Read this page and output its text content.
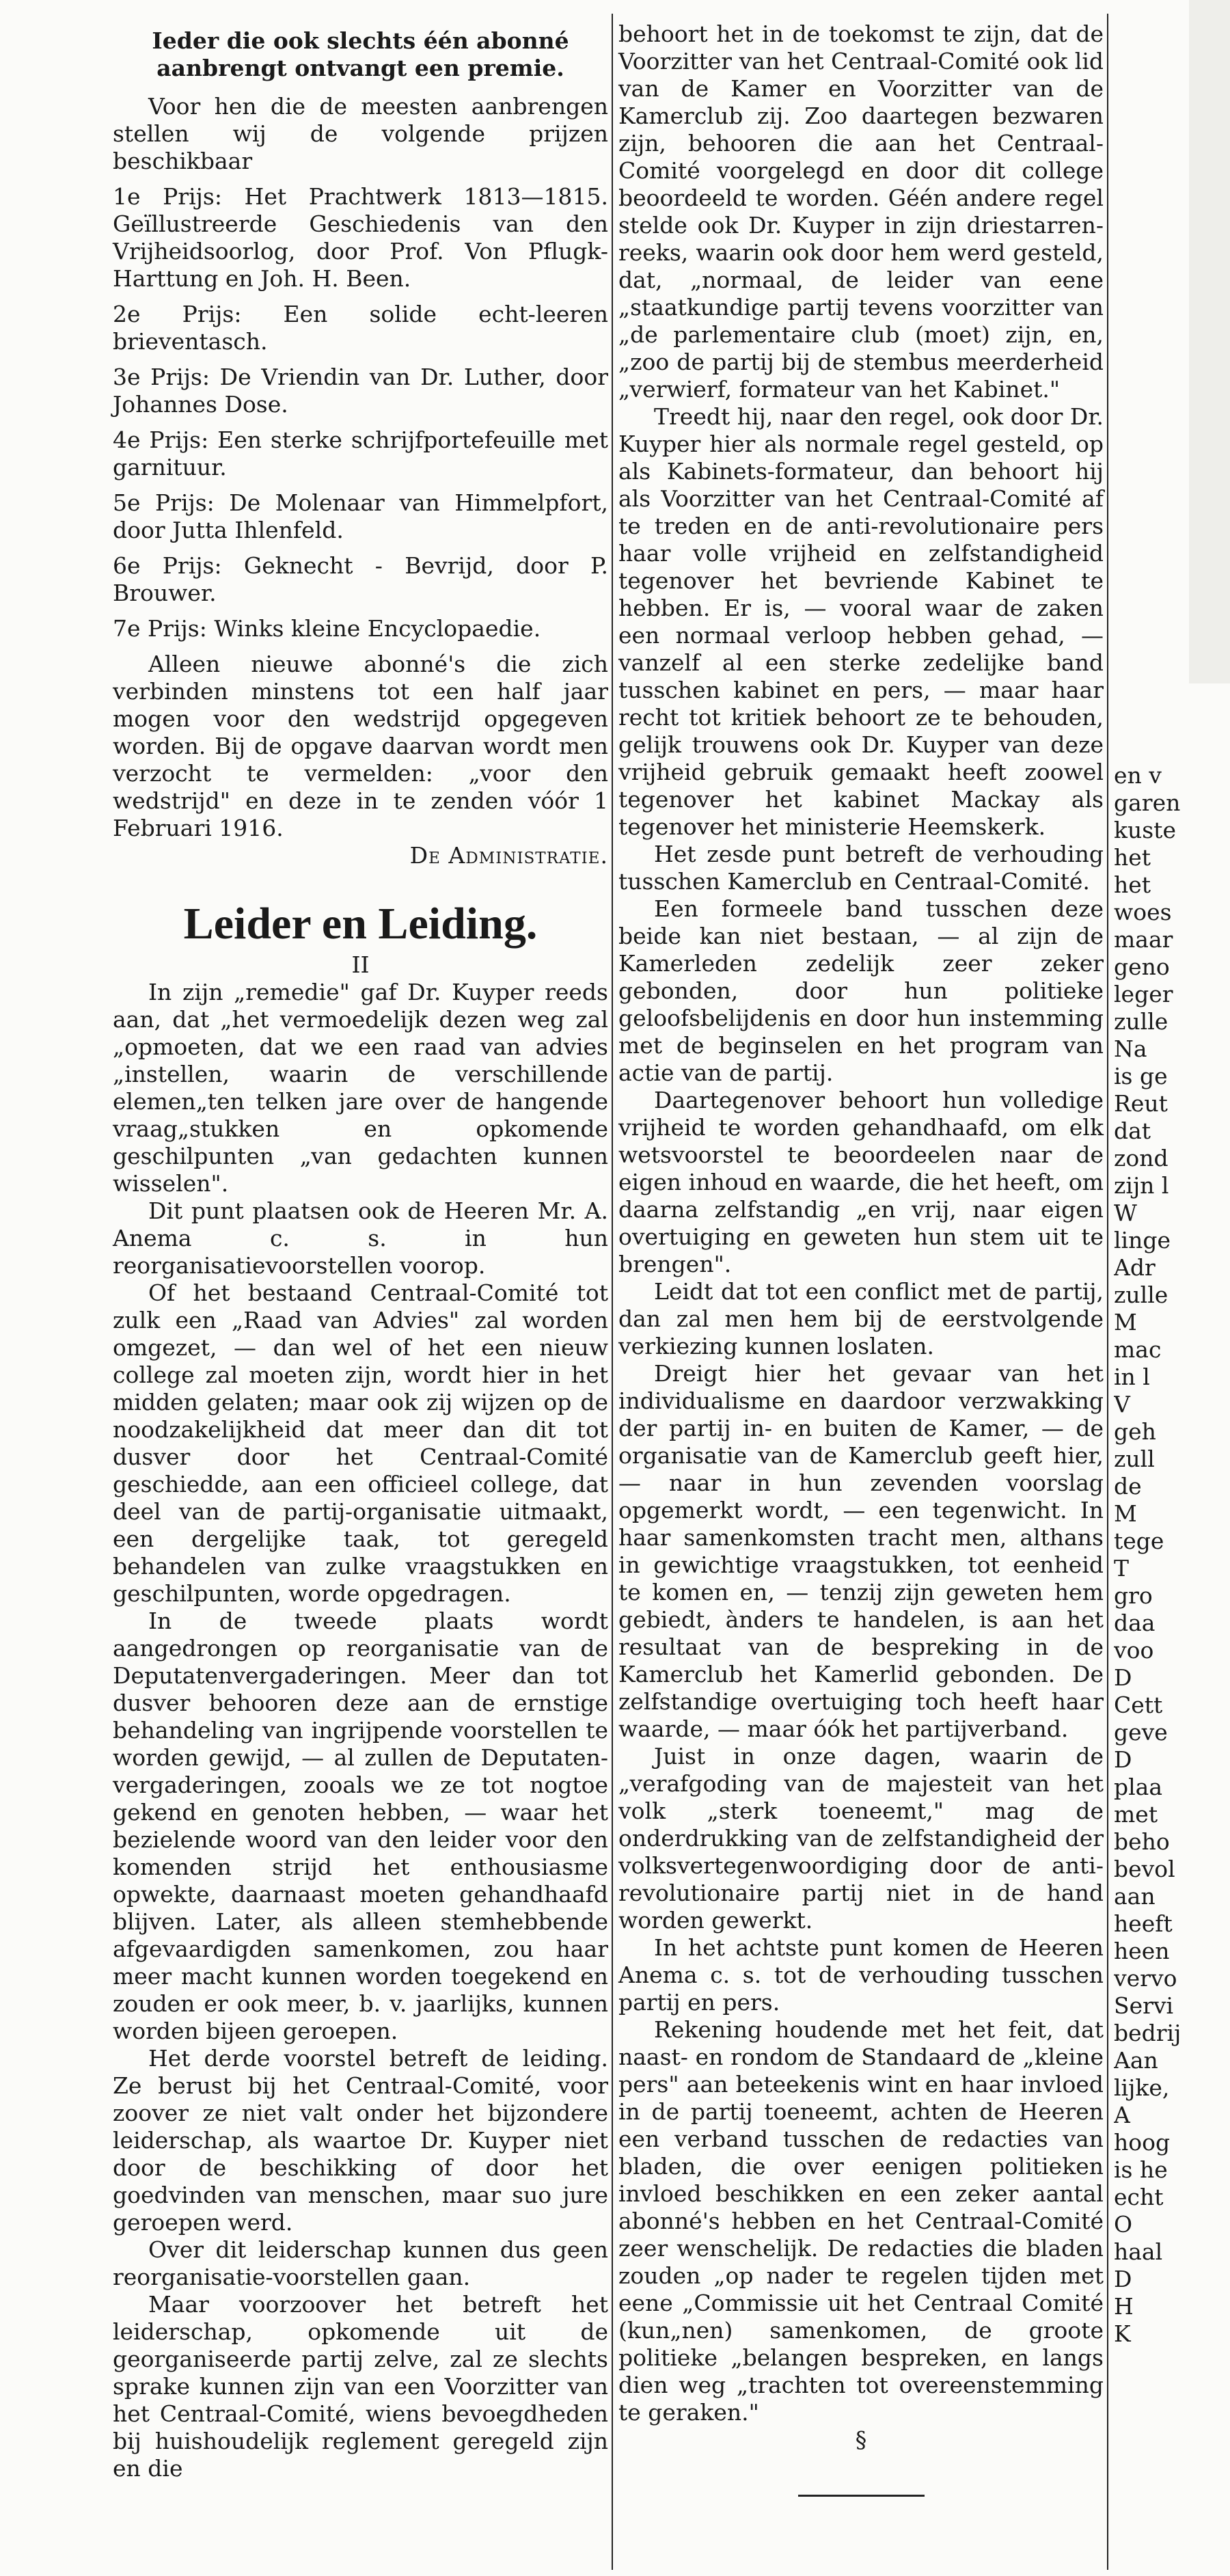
Ieder die ook slechts één abonné aanbrengt ontvangt een premie.

Voor hen die de meesten aanbrengen stellen wij de volgende prijzen beschikbaar

1e Prijs: Het Prachtwerk 1813—1815. Geïllustreerde Geschiedenis van den Vrijheidsoorlog, door Prof. Von Pflugk-Harttung en Joh. H. Been.

2e Prijs: Een solide echt-leeren brieventasch.

3e Prijs: De Vriendin van Dr. Luther, door Johannes Dose.

4e Prijs: Een sterke schrijfportefeuille met garnituur.

5e Prijs: De Molenaar van Himmelpfort, door Jutta Ihlenfeld.

6e Prijs: Geknecht - Bevrijd, door P. Brouwer.

7e Prijs: Winks kleine Encyclopaedie.

Alleen nieuwe abonné's die zich verbinden minstens tot een half jaar mogen voor den wedstrijd opgegeven worden. Bij de opgave daarvan wordt men verzocht te vermelden: „voor den wedstrijd" en deze in te zenden vóór 1 Februari 1916.

De Administratie.

Leider en Leiding.

II

In zijn „remedie" gaf Dr. Kuyper reeds aan, dat „het vermoedelijk dezen weg zal „opmoeten, dat we een raad van advies „instellen, waarin de verschillende elemen„ten telken jare over de hangende vraag„stukken en opkomende geschilpunten „van gedachten kunnen wisselen".

Dit punt plaatsen ook de Heeren Mr. A. Anema c. s. in hun reorganisatievoorstellen voorop.

Of het bestaand Centraal-Comité tot zulk een „Raad van Advies" zal worden omgezet, — dan wel of het een nieuw college zal moeten zijn, wordt hier in het midden gelaten; maar ook zij wijzen op de noodzakelijkheid dat meer dan dit tot dusver door het Centraal-Comité geschiedde, aan een officieel college, dat deel van de partij-organisatie uitmaakt, een dergelijke taak, tot geregeld behandelen van zulke vraagstukken en geschilpunten, worde opgedragen.

In de tweede plaats wordt aangedrongen op reorganisatie van de Deputatenvergaderingen. Meer dan tot dusver behooren deze aan de ernstige behandeling van ingrijpende voorstellen te worden gewijd, — al zullen de Deputaten-vergaderingen, zooals we ze tot nogtoe gekend en genoten hebben, — waar het bezielende woord van den leider voor den komenden strijd het enthousiasme opwekte, daarnaast moeten gehandhaafd blijven. Later, als alleen stemhebbende afgevaardigden samenkomen, zou haar meer macht kunnen worden toegekend en zouden er ook meer, b. v. jaarlijks, kunnen worden bijeen geroepen.

Het derde voorstel betreft de leiding. Ze berust bij het Centraal-Comité, voor zoover ze niet valt onder het bijzondere leiderschap, als waartoe Dr. Kuyper niet door de beschikking of door het goedvinden van menschen, maar suo jure geroepen werd.

Over dit leiderschap kunnen dus geen reorganisatie-voorstellen gaan.

Maar voorzoover het betreft het leiderschap, opkomende uit de georganiseerde partij zelve, zal ze slechts sprake kunnen zijn van een Voorzitter van het Centraal-Comité, wiens bevoegdheden bij huishoudelijk reglement geregeld zijn en die

behoort het in de toekomst te zijn, dat de Voorzitter van het Centraal-Comité ook lid van de Kamer en Voorzitter van de Kamerclub zij. Zoo daartegen bezwaren zijn, behooren die aan het Centraal-Comité voorgelegd en door dit college beoordeeld te worden. Géén andere regel stelde ook Dr. Kuyper in zijn driestarren-reeks, waarin ook door hem werd gesteld, dat, „normaal, de leider van eene „staatkundige partij tevens voorzitter van „de parlementaire club (moet) zijn, en, „zoo de partij bij de stembus meerderheid „verwierf, formateur van het Kabinet."

Treedt hij, naar den regel, ook door Dr. Kuyper hier als normale regel gesteld, op als Kabinets-formateur, dan behoort hij als Voorzitter van het Centraal-Comité af te treden en de anti-revolutionaire pers haar volle vrijheid en zelfstandigheid tegenover het bevriende Kabinet te hebben. Er is, — vooral waar de zaken een normaal verloop hebben gehad, — vanzelf al een sterke zedelijke band tusschen kabinet en pers, — maar haar recht tot kritiek behoort ze te behouden, gelijk trouwens ook Dr. Kuyper van deze vrijheid gebruik gemaakt heeft zoowel tegenover het kabinet Mackay als tegenover het ministerie Heemskerk.

Het zesde punt betreft de verhouding tusschen Kamerclub en Centraal-Comité.

Een formeele band tusschen deze beide kan niet bestaan, — al zijn de Kamerleden zedelijk zeer zeker gebonden, door hun politieke geloofsbelijdenis en door hun instemming met de beginselen en het program van actie van de partij.

Daartegenover behoort hun volledige vrijheid te worden gehandhaafd, om elk wetsvoorstel te beoordeelen naar de eigen inhoud en waarde, die het heeft, om daarna zelfstandig „en vrij, naar eigen overtuiging en geweten hun stem uit te brengen".

Leidt dat tot een conflict met de partij, dan zal men hem bij de eerstvolgende verkiezing kunnen loslaten.

Dreigt hier het gevaar van het individualisme en daardoor verzwakking der partij in- en buiten de Kamer, — de organisatie van de Kamerclub geeft hier, — naar in hun zevenden voorslag opgemerkt wordt, — een tegenwicht. In haar samenkomsten tracht men, althans in gewichtige vraagstukken, tot eenheid te komen en, — tenzij zijn geweten hem gebiedt, ànders te handelen, is aan het resultaat van de bespreking in de Kamerclub het Kamerlid gebonden. De zelfstandige overtuiging toch heeft haar waarde, — maar óók het partijverband.

Juist in onze dagen, waarin de „verafgoding van de majesteit van het volk „sterk toeneemt," mag de onderdrukking van de zelfstandigheid der volksvertegenwoordiging door de anti-revolutionaire partij niet in de hand worden gewerkt.

In het achtste punt komen de Heeren Anema c. s. tot de verhouding tusschen partij en pers.

Rekening houdende met het feit, dat naast- en rondom de Standaard de „kleine pers" aan beteekenis wint en haar invloed in de partij toeneemt, achten de Heeren een verband tusschen de redacties van bladen, die over eenigen politieken invloed beschikken en een zeker aantal abonné's hebben en het Centraal-Comité zeer wenschelijk. De redacties die bladen zouden „op nader te regelen tijden met eene „Commissie uit het Centraal Comité (kun„nen) samenkomen, de groote politieke „belangen bespreken, en langs dien weg „trachten tot overeenstemming te geraken."

§

en v

garen

kuste

het

het

woes

maar

geno

leger

zulle

Na

is ge

Reut

dat

zond

zijn l

W

linge

Adr

zulle

M

mac

in l

V

geh

zull

de

M

tege

T

gro

daa

voo

D

Cett

geve

D

plaa

met

beho

bevol

aan

heeft

heen

vervo

Servi

bedrij

Aan

lijke,

A

hoog

is he

echt

O

haal

D

H

K
